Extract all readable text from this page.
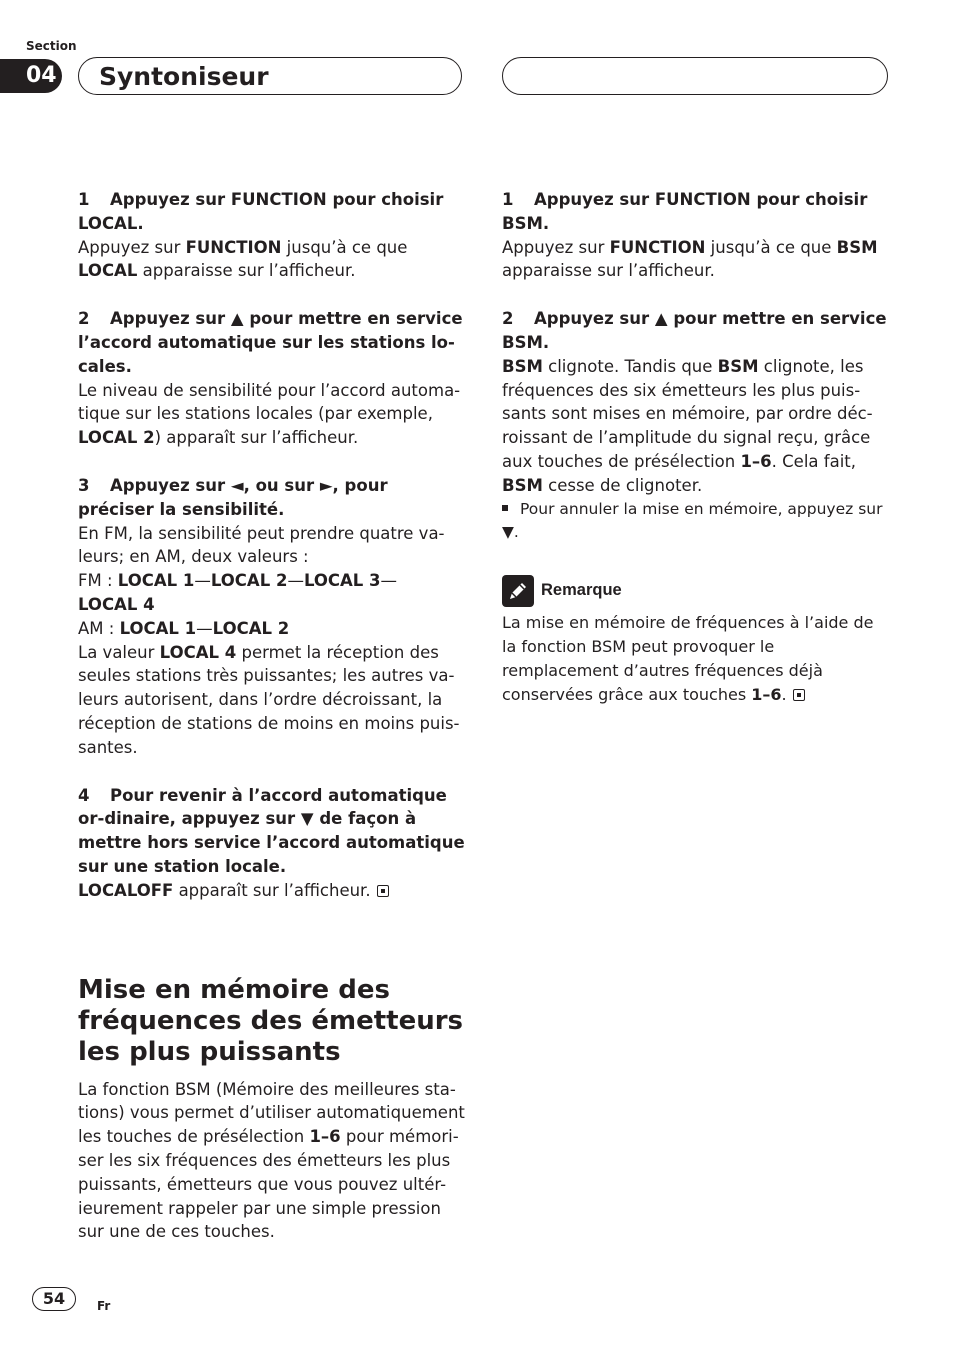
Section
04 Syntoniseur

1 Appuyez sur FUNCTION pour choisir LOCAL.

Appuyez sur FUNCTION jusqu’à ce que
LOCAL apparaisse sur l’afficheur.

2 Appuyez sur ▲ pour mettre en service l’accord automatique sur les stations lo-cales.

Le niveau de sensibilité pour l’accord automa-tique sur les stations locales (par exemple, LOCAL 2) apparaît sur l’afficheur.

3 Appuyez sur ◄, ou sur ►, pour préciser la sensibilité.

En FM, la sensibilité peut prendre quatre va-leurs; en AM, deux valeurs :

FM : LOCAL 1—LOCAL 2—LOCAL 3—
LOCAL 4

AM : LOCAL 1—LOCAL 2

La valeur LOCAL 4 permet la réception des seules stations très puissantes; les autres va-leurs autorisent, dans l’ordre décroissant, la réception de stations de moins en moins puis-santes.

4 Pour revenir à l’accord automatique or-dinaire, appuyez sur ▼ de façon à mettre hors service l’accord automatique sur une station locale.

LOCALOFF apparaît sur l’afficheur.

Mise en mémoire des fréquences des émetteurs les plus puissants

La fonction BSM (Mémoire des meilleures sta-tions) vous permet d’utiliser automatiquement les touches de présélection 1–6 pour mémori-ser les six fréquences des émetteurs les plus puissants, émetteurs que vous pouvez ultér-ieurement rappeler par une simple pression sur une de ces touches.

1 Appuyez sur FUNCTION pour choisir BSM.

Appuyez sur FUNCTION jusqu’à ce que BSM
apparaisse sur l’afficheur.

2 Appuyez sur ▲ pour mettre en service BSM.

BSM clignote. Tandis que BSM clignote, les fréquences des six émetteurs les plus puis-sants sont mises en mémoire, par ordre déc-roissant de l’amplitude du signal reçu, grâce aux touches de présélection 1–6. Cela fait, BSM cesse de clignoter.

Pour annuler la mise en mémoire, appuyez sur ▼.

Remarque

La mise en mémoire de fréquences à l’aide de la fonction BSM peut provoquer le remplacement d’autres fréquences déjà conservées grâce aux touches 1–6.

54	Fr
